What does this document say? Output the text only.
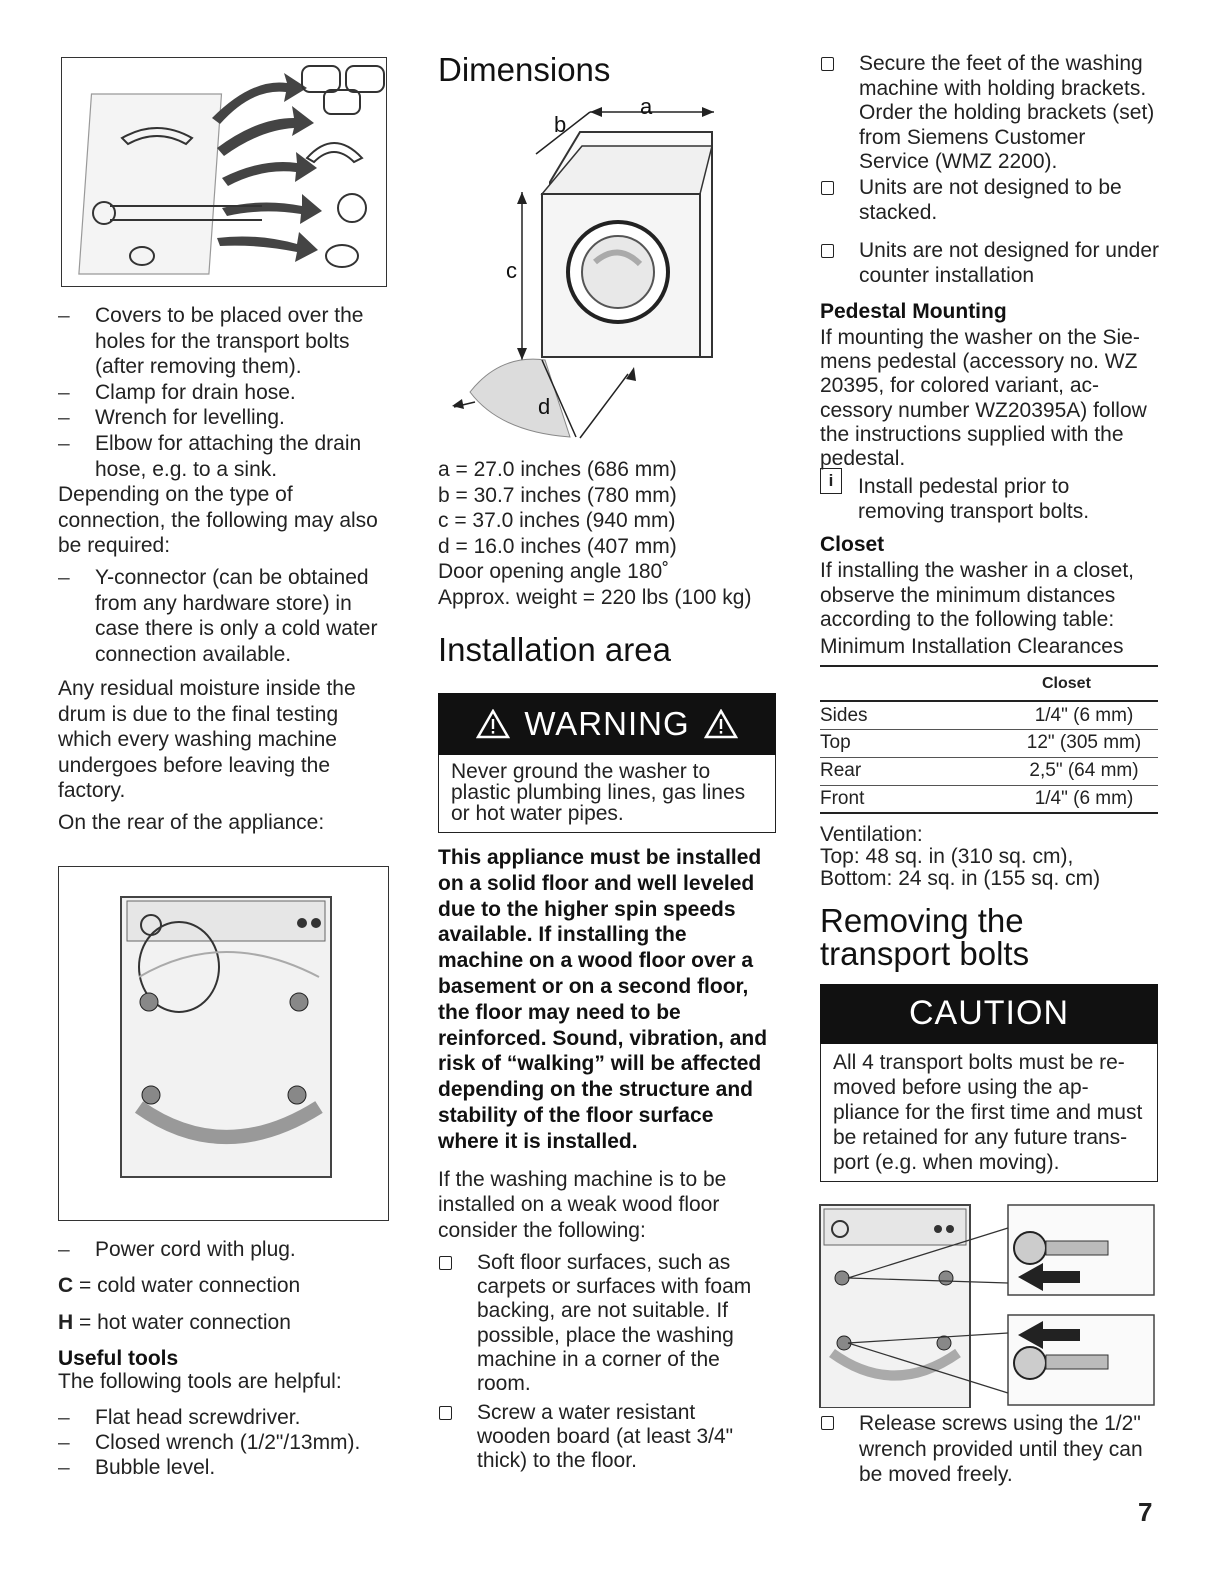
– Covers to be placed over the holes for the transport bolts (after removing them).
– Clamp for drain hose.
– Wrench for levelling.
– Elbow for attaching the drain hose, e.g. to a sink.

Depending on the type of connection, the following may also be required:

– Y-connector (can be obtained from any hardware store) in case there is only a cold water connection available.

Any residual moisture inside the drum is due to the final testing which every washing machine undergoes before leaving the factory.

On the rear of the appliance:

– Power cord with plug.

C = cold water connection

H = hot water connection

Useful tools

The following tools are helpful:

– Flat head screwdriver.
– Closed wrench (1/2"/13mm).
– Bubble level.
Dimensions
a
b
c
d
a = 27.0 inches (686 mm)
b = 30.7 inches (780 mm)
c = 37.0 inches (940 mm)
d = 16.0 inches (407 mm)
Door opening angle 180˚
Approx. weight = 220 lbs (100 kg)
Installation area
WARNING

Never ground the washer to plastic plumbing lines, gas lines or hot water pipes.

This appliance must be installed on a solid floor and well leveled due to the higher spin speeds available. If installing the machine on a wood floor over a basement or on a second floor, the floor may need to be reinforced. Sound, vibration, and risk of “walking” will be affected depending on the structure and stability of the floor surface where it is installed.

If the washing machine is to be installed on a weak wood floor consider the following:

Soft floor surfaces, such as carpets or surfaces with foam backing, are not suitable. If possible, place the washing machine in a corner of the room.
Screw a water resistant wooden board (at least 3/4" thick) to the floor.
Secure the feet of the washing machine with holding brackets. Order the holding brackets (set) from Siemens Customer Service (WMZ 2200).
Units are not designed to be stacked.
Units are not designed for under counter installation
Pedestal Mounting

If mounting the washer on the Sie-mens pedestal (accessory no. WZ 20395, for colored variant, ac-cessory number WZ20395A) follow the instructions supplied with the pedestal.

i	Install pedestal prior to removing transport bolts.
Closet

If installing the washer in a closet, observe the minimum distances according to the following table:

Minimum Installation Clearances

Closet
Sides	1/4" (6 mm)
Top	12" (305 mm)
Rear	2,5" (64 mm)
Front	1/4" (6 mm)
Ventilation:
Top: 48 sq. in (310 sq. cm),
Bottom: 24 sq. in (155 sq. cm)
Removing the transport bolts
CAUTION

All 4 transport bolts must be re-moved before using the ap-pliance for the first time and must be retained for any future trans-port (e.g. when moving).

Release screws using the 1/2" wrench provided until they can be moved freely.
7
